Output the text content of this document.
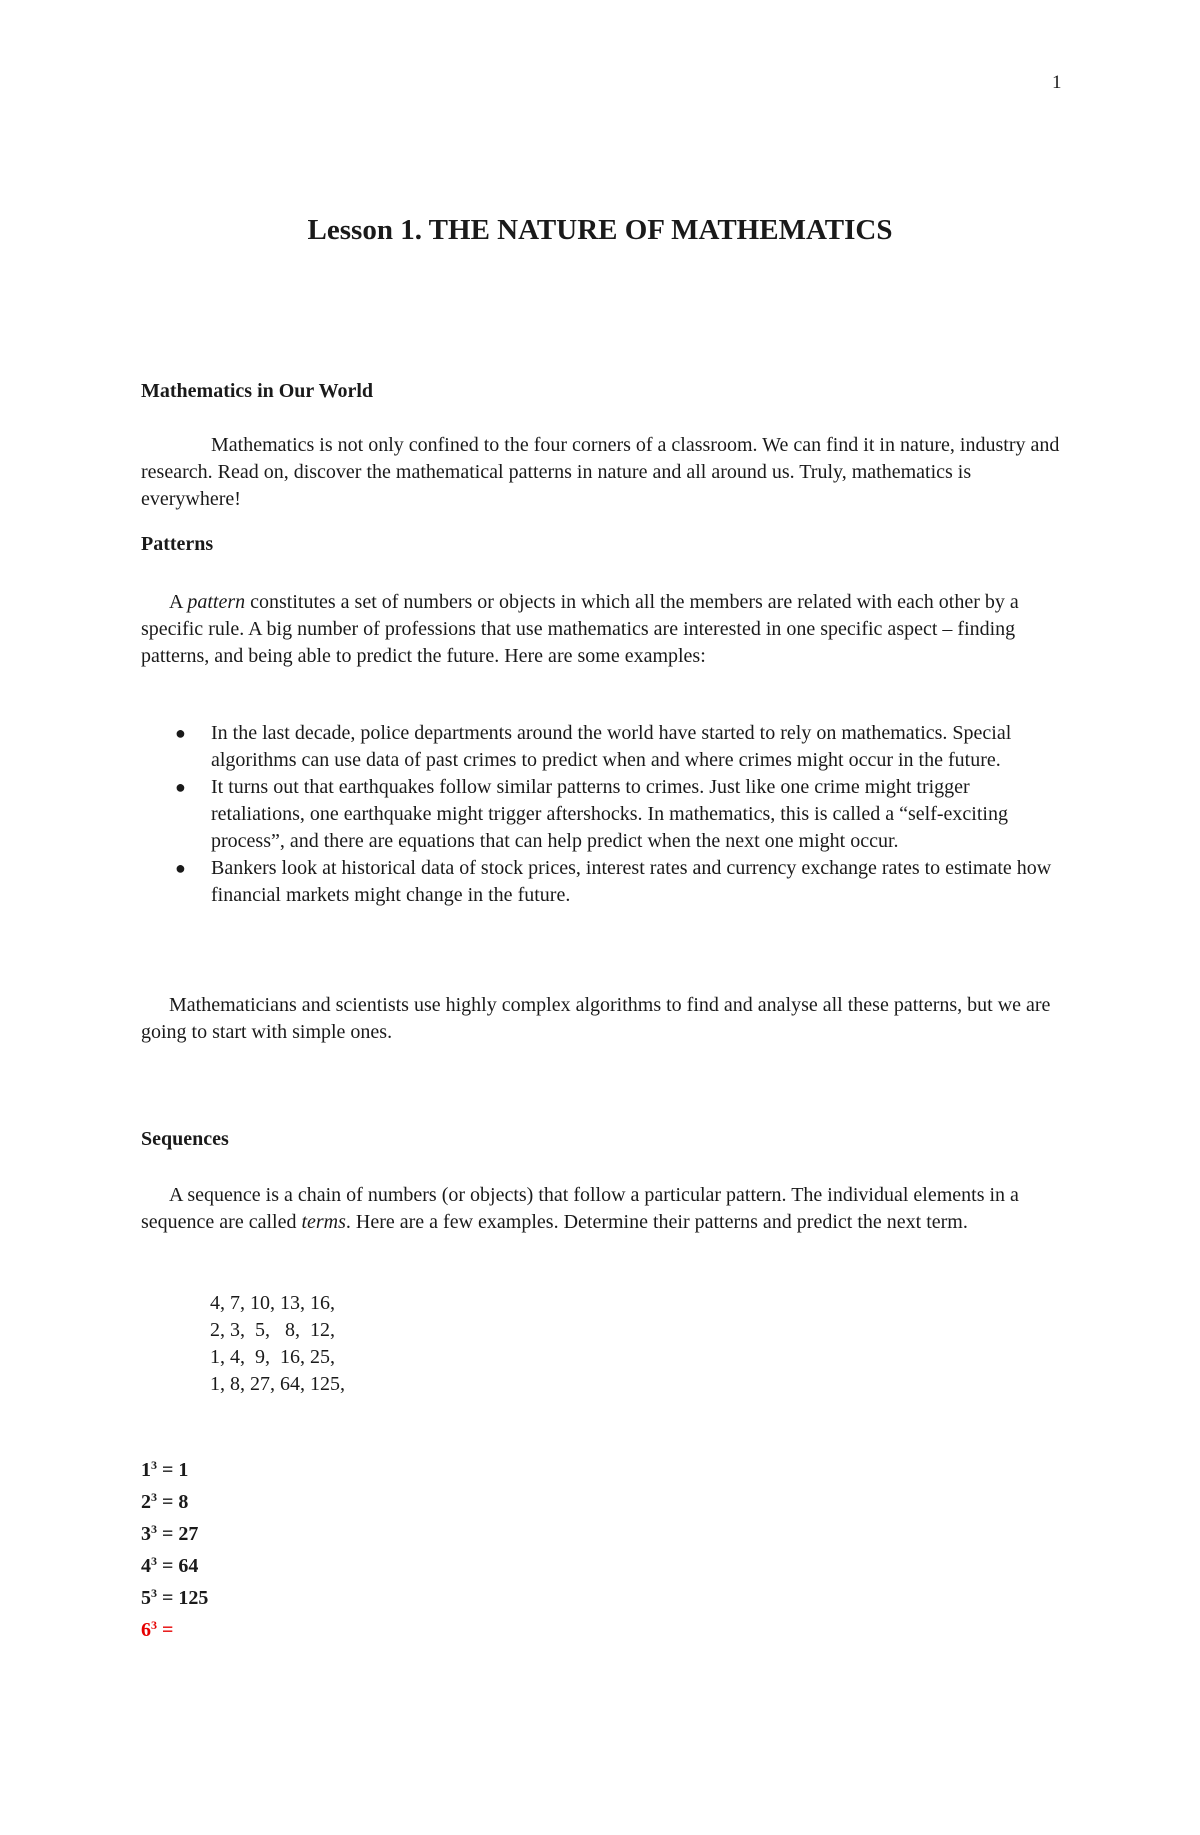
1
Lesson 1. THE NATURE OF MATHEMATICS
Mathematics in Our World

Mathematics is not only confined to the four corners of a classroom. We can find it in nature, industry and research. Read on, discover the mathematical patterns in nature and all around us. Truly, mathematics is everywhere!

Patterns

A pattern constitutes a set of numbers or objects in which all the members are related with each other by a specific rule. A big number of professions that use mathematics are interested in one specific aspect – finding patterns, and being able to predict the future. Here are some examples:

● In the last decade, police departments around the world have started to rely on mathematics. Special algorithms can use data of past crimes to predict when and where crimes might occur in the future.
● It turns out that earthquakes follow similar patterns to crimes. Just like one crime might trigger retaliations, one earthquake might trigger aftershocks. In mathematics, this is called a “self-exciting process”, and there are equations that can help predict when the next one might occur.
● Bankers look at historical data of stock prices, interest rates and currency exchange rates to estimate how financial markets might change in the future.

Mathematicians and scientists use highly complex algorithms to find and analyse all these patterns, but we are going to start with simple ones.

Sequences

A sequence is a chain of numbers (or objects) that follow a particular pattern. The individual elements in a sequence are called terms. Here are a few examples. Determine their patterns and predict the next term.

4, 7, 10, 13, 16,
2, 3,  5,   8,  12,
1, 4,  9,  16, 25,
1, 8, 27, 64, 125,
$1^3 = 1$
$2^3 = 8$
$3^3 = 27$
$4^3 = 64$
$5^3 = 125$
$6^3$ =
